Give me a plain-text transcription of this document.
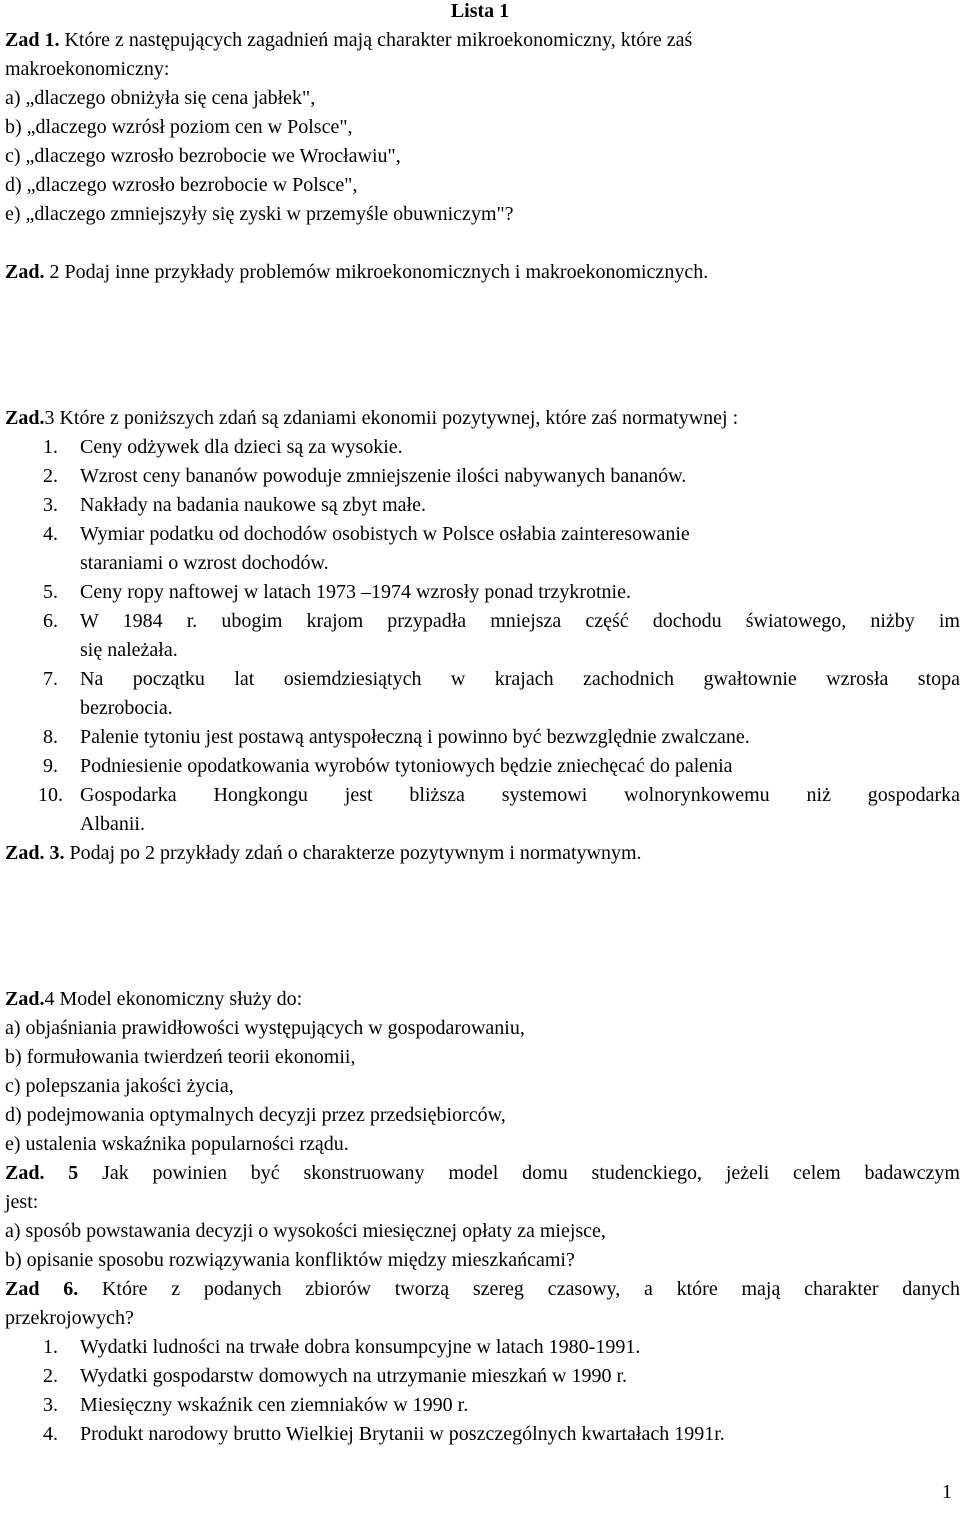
Lista 1
Zad 1. Które z następujących zagadnień mają charakter mikroekonomiczny, które zaś
makroekonomiczny:
a) „dlaczego obniżyła się cena jabłek",
b) „dlaczego wzrósł poziom cen w Polsce",
c) „dlaczego wzrosło bezrobocie we Wrocławiu",
d) „dlaczego wzrosło bezrobocie w Polsce",
e) „dlaczego zmniejszyły się zyski w przemyśle obuwniczym"?
Zad. 2 Podaj inne przykłady problemów mikroekonomicznych i makroekonomicznych.
Zad.3 Które z poniższych zdań są zdaniami ekonomii pozytywnej, które zaś normatywnej :
1. Ceny odżywek dla dzieci są za wysokie.
2. Wzrost ceny bananów powoduje zmniejszenie ilości nabywanych bananów.
3. Nakłady na badania naukowe są zbyt małe.
4. Wymiar podatku od dochodów osobistych w Polsce osłabia zainteresowanie
staraniami o wzrost dochodów.
5. Ceny ropy naftowej w latach 1973 –1974 wzrosły ponad trzykrotnie.
6. W 1984 r. ubogim krajom przypadła mniejsza część dochodu światowego, niżby im
się należała.
7. Na początku lat osiemdziesiątych w krajach zachodnich gwałtownie wzrosła stopa
bezrobocia.
8. Palenie tytoniu jest postawą antyspołeczną i powinno być bezwzględnie zwalczane.
9. Podniesienie opodatkowania wyrobów tytoniowych będzie zniechęcać do palenia
10. Gospodarka Hongkongu jest bliższa systemowi wolnorynkowemu niż gospodarka
Albanii.
Zad. 3. Podaj po 2 przykłady zdań o charakterze pozytywnym i normatywnym.
Zad.4 Model ekonomiczny służy do:
a) objaśniania prawidłowości występujących w gospodarowaniu,
b) formułowania twierdzeń teorii ekonomii,
c) polepszania jakości życia,
d) podejmowania optymalnych decyzji przez przedsiębiorców,
e) ustalenia wskaźnika popularności rządu.
Zad. 5 Jak powinien być skonstruowany model domu studenckiego, jeżeli celem badawczym
jest:
a) sposób powstawania decyzji o wysokości miesięcznej opłaty za miejsce,
b) opisanie sposobu rozwiązywania konfliktów między mieszkańcami?
Zad 6. Które z podanych zbiorów tworzą szereg czasowy, a które mają charakter danych
przekrojowych?
1. Wydatki ludności na trwałe dobra konsumpcyjne w latach 1980-1991.
2. Wydatki gospodarstw domowych na utrzymanie mieszkań w 1990 r.
3. Miesięczny wskaźnik cen ziemniaków w 1990 r.
4. Produkt narodowy brutto Wielkiej Brytanii w poszczególnych kwartałach 1991r.
1
